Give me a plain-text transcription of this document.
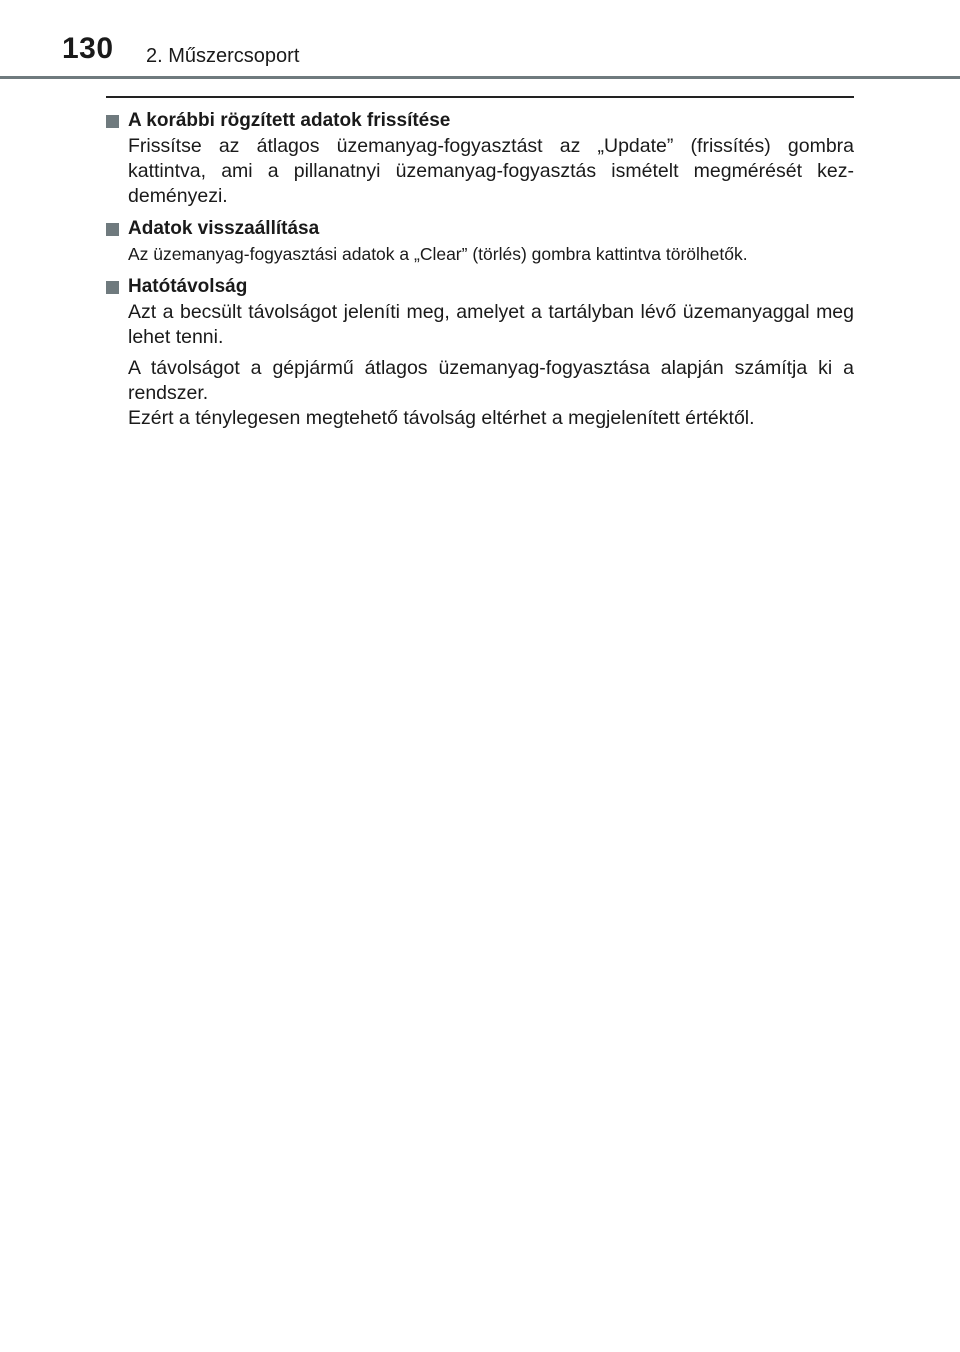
130 2. Műszercsoport
A korábbi rögzített adatok frissítése

Frissítse az átlagos üzemanyag-fogyasztást az „Update” (frissítés) gombra kattintva, ami a pillanatnyi üzemanyag-fogyasztás ismételt megmérését kezdeményezi.

Adatok visszaállítása

Az üzemanyag-fogyasztási adatok a „Clear” (törlés) gombra kattintva törölhetők.

Hatótávolság

Azt a becsült távolságot jeleníti meg, amelyet a tartályban lévő üzemanyaggal meg lehet tenni.

A távolságot a gépjármű átlagos üzemanyag-fogyasztása alapján számítja ki a rendszer.
Ezért a ténylegesen megtehető távolság eltérhet a megjelenített értéktől.
